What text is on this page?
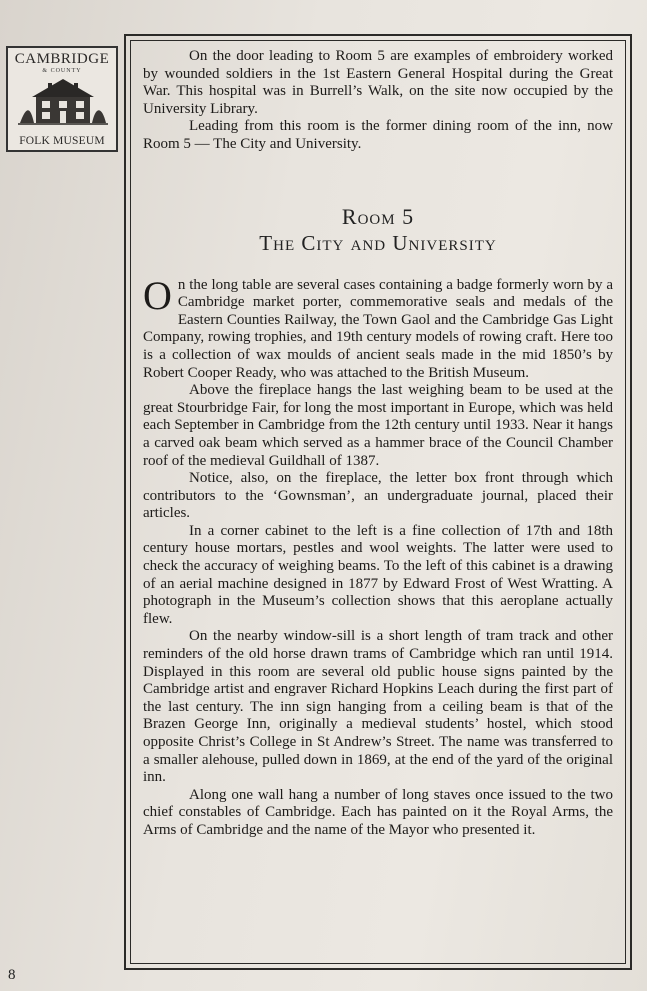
CAMBRIDGE
& COUNTY
FOLK MUSEUM

On the door leading to Room 5 are examples of embroidery worked by wounded soldiers in the 1st Eastern General Hospital during the Great War. This hospital was in Burrell’s Walk, on the site now occupied by the University Library.

Leading from this room is the former dining room of the inn, now Room 5 — The City and University.

Room 5
The City and University

On the long table are several cases containing a badge formerly worn by a Cambridge market porter, commemorative seals and medals of the Eastern Counties Railway, the Town Gaol and the Cambridge Gas Light Company, rowing trophies, and 19th century models of rowing craft. Here too is a collection of wax moulds of ancient seals made in the mid 1850’s by Robert Cooper Ready, who was attached to the British Museum.

Above the fireplace hangs the last weighing beam to be used at the great Stourbridge Fair, for long the most important in Europe, which was held each September in Cambridge from the 12th century until 1933. Near it hangs a carved oak beam which served as a hammer brace of the Council Chamber roof of the medieval Guildhall of 1387.

Notice, also, on the fireplace, the letter box front through which contributors to the ‘Gownsman’, an undergraduate journal, placed their articles.

In a corner cabinet to the left is a fine collection of 17th and 18th century house mortars, pestles and wool weights. The latter were used to check the accuracy of weighing beams. To the left of this cabinet is a drawing of an aerial machine designed in 1877 by Edward Frost of West Wratting. A photograph in the Museum’s collection shows that this aeroplane actually flew.

On the nearby window-sill is a short length of tram track and other reminders of the old horse drawn trams of Cambridge which ran until 1914. Displayed in this room are several old public house signs painted by the Cambridge artist and engraver Richard Hopkins Leach during the first part of the last century. The inn sign hanging from a ceiling beam is that of the Brazen George Inn, originally a medieval students’ hostel, which stood opposite Christ’s College in St Andrew’s Street. The name was transferred to a smaller alehouse, pulled down in 1869, at the end of the yard of the original inn.

Along one wall hang a number of long staves once issued to the two chief constables of Cambridge. Each has painted on it the Royal Arms, the Arms of Cambridge and the name of the Mayor who presented it.

8
